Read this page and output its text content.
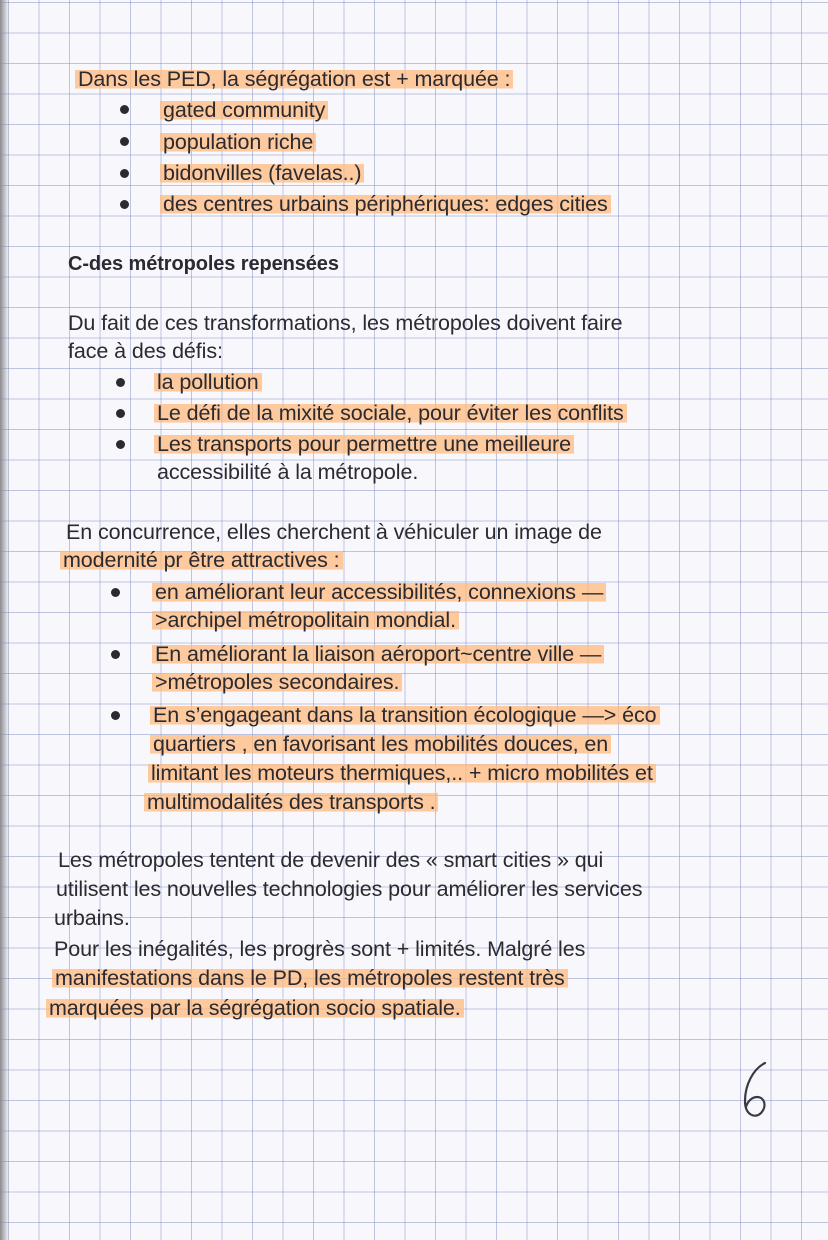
Dans les PED, la ségrégation est + marquée :
gated community
population riche
bidonvilles (favelas..)
des centres urbains périphériques: edges cities
C-des métropoles repensées
Du fait de ces transformations, les métropoles doivent faire
face à des défis:
la pollution
Le défi de la mixité sociale, pour éviter les conflits
Les transports pour permettre une meilleure
accessibilité à la métropole.
En concurrence, elles cherchent à véhiculer un image de
modernité pr être attractives :
en améliorant leur accessibilités, connexions —
>archipel métropolitain mondial.
En améliorant la liaison aéroport~centre ville —
>métropoles secondaires.
En s’engageant dans la transition écologique —> éco
quartiers , en favorisant les mobilités douces, en
limitant les moteurs thermiques,.. + micro mobilités et
multimodalités des transports .
Les métropoles tentent de devenir des « smart cities » qui
utilisent les nouvelles technologies pour améliorer les services
urbains.
Pour les inégalités, les progrès sont + limités. Malgré les
manifestations dans le PD, les métropoles restent très
marquées par la ségrégation socio spatiale.
